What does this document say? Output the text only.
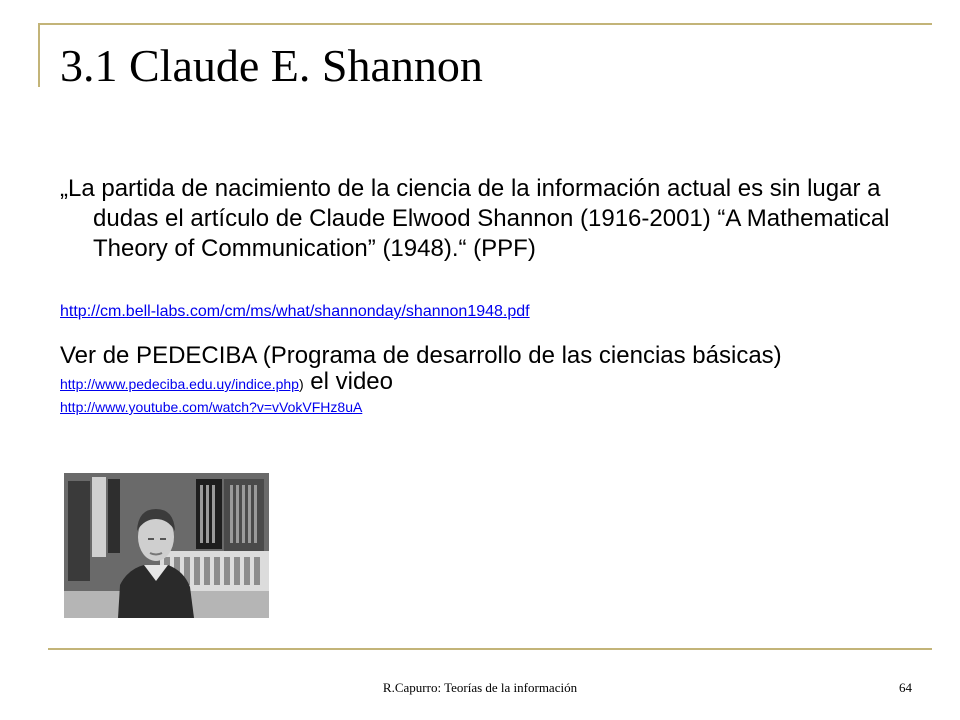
3.1 Claude E. Shannon

„La partida de nacimiento de la ciencia de la información actual es sin lugar a dudas el artículo de Claude Elwood Shannon (1916-2001) “A Mathematical Theory of Communication” (1948).“ (PPF)

http://cm.bell-labs.com/cm/ms/what/shannonday/shannon1948.pdf

Ver de PEDECIBA (Programa de desarrollo de las ciencias básicas)
http://www.pedeciba.edu.uy/indice.php) el video
http://www.youtube.com/watch?v=vVokVFHz8uA

R.Capurro: Teorías de la información	64
